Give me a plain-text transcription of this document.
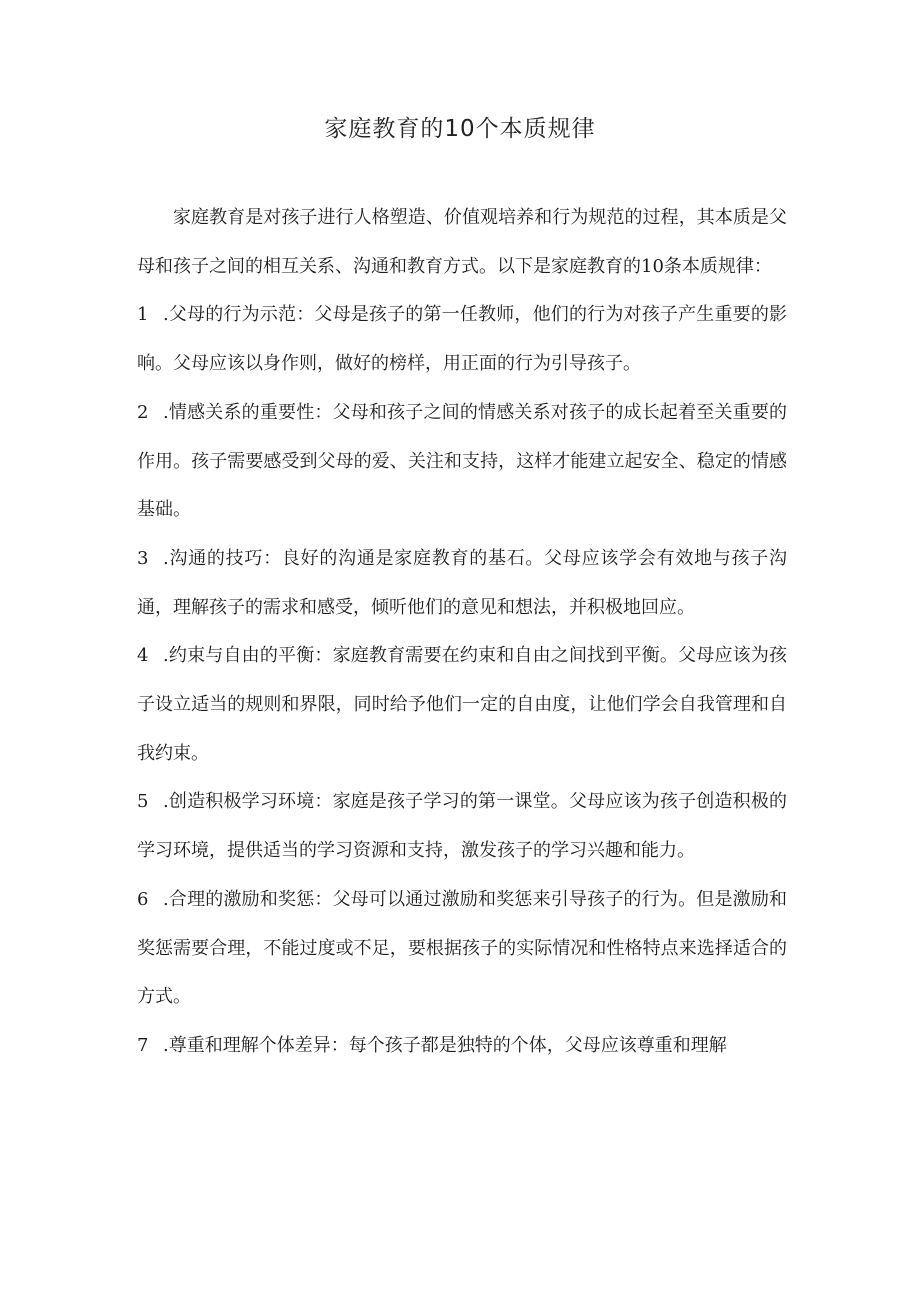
家庭教育的10个本质规律

家庭教育是对孩子进行人格塑造、价值观培养和行为规范的过程，其本质是父母和孩子之间的相互关系、沟通和教育方式。以下是家庭教育的10条本质规律：

1 .父母的行为示范：父母是孩子的第一任教师，他们的行为对孩子产生重要的影响。父母应该以身作则，做好的榜样，用正面的行为引导孩子。

2 .情感关系的重要性：父母和孩子之间的情感关系对孩子的成长起着至关重要的作用。孩子需要感受到父母的爱、关注和支持，这样才能建立起安全、稳定的情感基础。

3 .沟通的技巧：良好的沟通是家庭教育的基石。父母应该学会有效地与孩子沟通，理解孩子的需求和感受，倾听他们的意见和想法，并积极地回应。

4 .约束与自由的平衡：家庭教育需要在约束和自由之间找到平衡。父母应该为孩子设立适当的规则和界限，同时给予他们一定的自由度，让他们学会自我管理和自我约束。

5 .创造积极学习环境：家庭是孩子学习的第一课堂。父母应该为孩子创造积极的学习环境，提供适当的学习资源和支持，激发孩子的学习兴趣和能力。

6 .合理的激励和奖惩：父母可以通过激励和奖惩来引导孩子的行为。但是激励和奖惩需要合理，不能过度或不足，要根据孩子的实际情况和性格特点来选择适合的方式。

7 .尊重和理解个体差异：每个孩子都是独特的个体，父母应该尊重和理解
